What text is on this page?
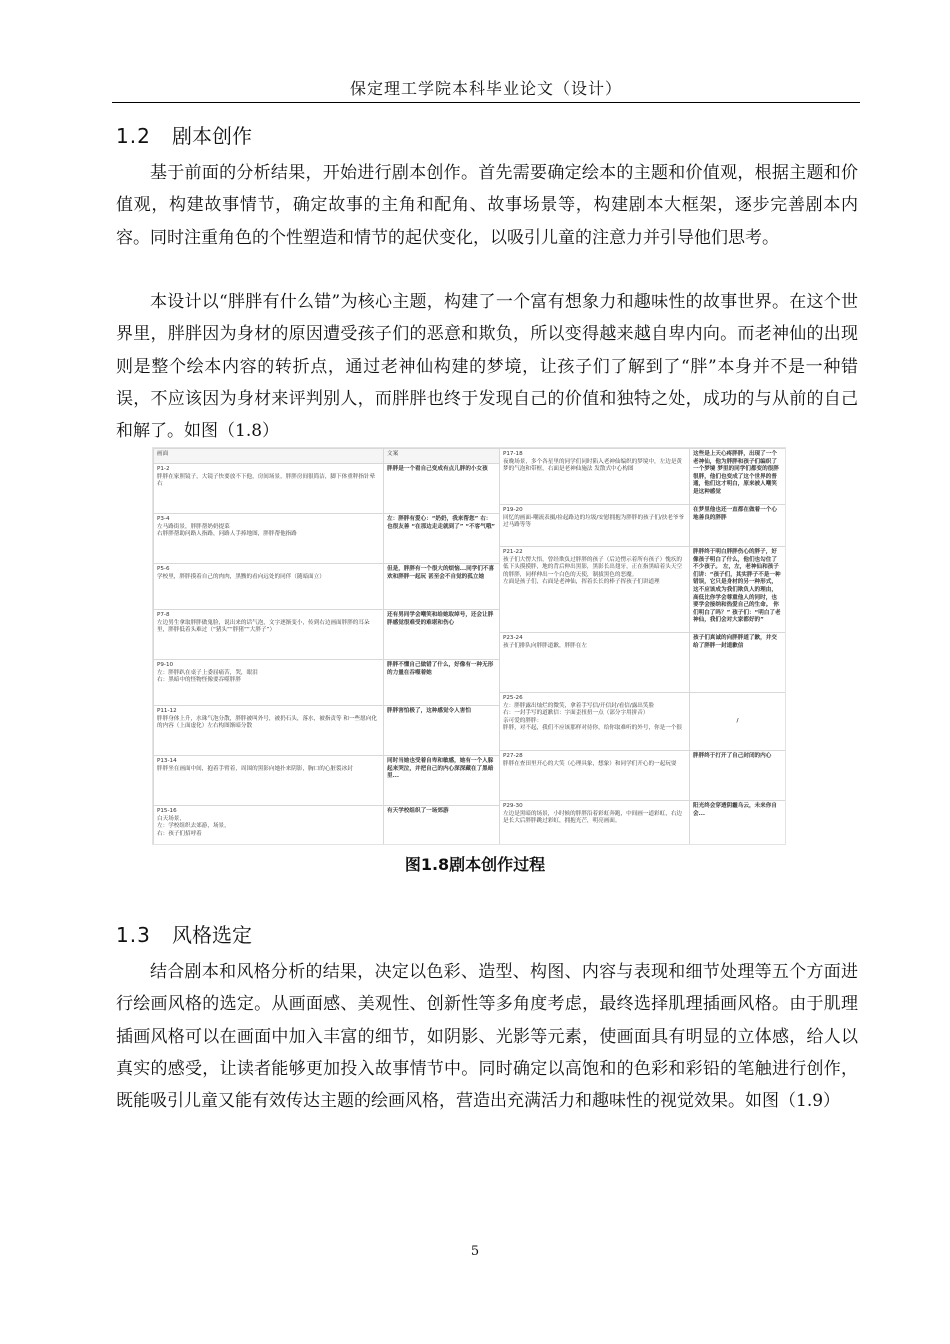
保定理工学院本科毕业论文（设计）
1.2 剧本创作

基于前面的分析结果，开始进行剧本创作。首先需要确定绘本的主题和价值观，根据主题和价值观，构建故事情节，确定故事的主角和配角、故事场景等，构建剧本大框架，逐步完善剧本内容。同时注重角色的个性塑造和情节的起伏变化，以吸引儿童的注意力并引导他们思考。

本设计以“胖胖有什么错”为核心主题，构建了一个富有想象力和趣味性的故事世界。在这个世界里，胖胖因为身材的原因遭受孩子们的恶意和欺负，所以变得越来越自卑内向。而老神仙的出现则是整个绘本内容的转折点，通过老神仙构建的梦境，让孩子们了解到了“胖”本身并不是一种错误，不应该因为身材来评判别人，而胖胖也终于发现自己的价值和独特之处，成功的与从前的自己和解了。如图（1.8）

画面	文案
P1-2
胖胖在家照镜子，大镜子快要放不下他，房间场景，胖胖房间很简洁，脚下体重秤指针晕右	胖胖是一个看自己变成有点儿胖的小女孩
P3-4
左马路街景，胖胖帮奶奶提菜
右胖胖帮助问路人指路，问路人手捧地图，胖胖帮他指路	左：胖胖有爱心：“奶奶，我来帮您” 右：也很友善 “在那边走走就到了” “不客气哦”
P5-6
学校里，胖胖摸着自己的肉肉，黑黢的看向远处的同伴（随暗面立）	但是，胖胖有一个很大的烦恼...同学们不喜欢和胖胖一起玩 甚至会不自觉的孤立她
P7-8
左边男生拿取胖胖做鬼脸，说出来的话气泡，文字逐渐变小，传到右边画面胖胖的耳朵里，胖胖低着头难过（“猪头”“胖猪”“大胖子”）	还有男同学会嘲笑和给她取绰号，还会让胖胖感觉很难受的难堪和伤心
P9-10
左：胖胖趴在桌子上委屈痛苦，哭，眼泪
右：黑暗中的怪物怪像要吞噬胖胖	胖胖不懂自己做错了什么，好像有一种无形的力量在吞噬着她
P11-12
胖胖身体上升，水珠气泡分散，胖胖被叫外号，被扔石头，落水，被指责等 和一些愿向化的内容（上面虚化）左右构图渐暗分散	胖胖害怕极了，这种感觉令人害怕
P13-14
胖胖坐在画面中间，抱着手臂着，周围的黑影向她扑来阴影，胸口的心脏裂冰封	同时当她也受着自卑和敏感，她有一个人躲起来哭泣，并把自己的内心深深藏在了黑暗里...
P15-16
白天场景，
左：学校组织去郊游，场景，
右：孩子们招呼着	有天学校组织了一场郊游
P17-18
夜晚场景，多个各星里的同学们同时陷入老神仙编织的梦境中，左边是黄梦的气泡和带框，右面是老神仙施法 发散式中心构图	这些是上天心疼胖胖，出现了一个老神仙，他为胖胖和孩子们编织了一个梦境 梦里的同学们都变的很胖很胖，他们也变成了这个世界的普通，他们这才明白，原来被人嘲笑是这种感觉
P19-20
回忆的画面-嘲流表摄/捡起路边的垃圾/安慰拥抱为胖胖的孩子们/扶老爷爷过马路等等	在梦里他也还一直都在做着一个心地善良的胖胖
P21-22
孩子们大愣大悟，曾经欺负过胖胖的孩子（后边愣示着所有孩子）愧疚的低下头摸摸胖，地的背后伸出黑影，黑影长出翅牙，正在指黑暗着头天空的胖胖，同样伸出一个白色的天使，制拔黑色的恶魔。
左面是孩子们，右面是老神仙，挥着长长的棒子挥孩子们讲道理	胖胖终于明白胖胖伤心的胖子，好像孩子明白了什么，他们也勾住了不少孩子。 左，左，老神仙和孩子们讲：“孩子们，其实胖子不是一种错误，它只是身材的另一种形式，这不应该成为我们欺负人的理由，高低比你学会尊重他人的同时，也要学会接纳和热爱自己的生命。 你们明白了吗？” 孩子们：“明白了老神仙，我们会对大家都好的”
P23-24
孩子们排队向胖胖道歉，胖胖在左	孩子们真诚的向胖胖道了歉，并交给了胖胖一封道歉信
P25-26
左：胖胖露出灿烂的微笑，拿着手写信/开信封/看信/露出笑脸
右：一封手写的道歉信：字面歪扭扭一点（部分字用拼音）
亲可爱的胖胖：
胖胖，对不起，我们不应该那样对待你，给你取难听的外号，你是一个很	/
P27-28
胖胖在查田里开心的大笑（心理具象，想象）和同学们开心的一起玩耍	胖胖终于打开了自己封闭的内心
P29-30
左边是黑暗的场景，小时候的胖胖沿着彩虹奔跑，中间画一道彩虹，右边是长大后胖胖跳过彩虹，拥抱光芒，明亮画面。	阳光终会穿透阴霾乌云，未来你自会...
图1.8剧本创作过程
1.3 风格选定

结合剧本和风格分析的结果，决定以色彩、造型、构图、内容与表现和细节处理等五个方面进行绘画风格的选定。从画面感、美观性、创新性等多角度考虑，最终选择肌理插画风格。由于肌理插画风格可以在画面中加入丰富的细节，如阴影、光影等元素，使画面具有明显的立体感，给人以真实的感受，让读者能够更加投入故事情节中。同时确定以高饱和的色彩和彩铅的笔触进行创作，既能吸引儿童又能有效传达主题的绘画风格，营造出充满活力和趣味性的视觉效果。如图（1.9）

5
